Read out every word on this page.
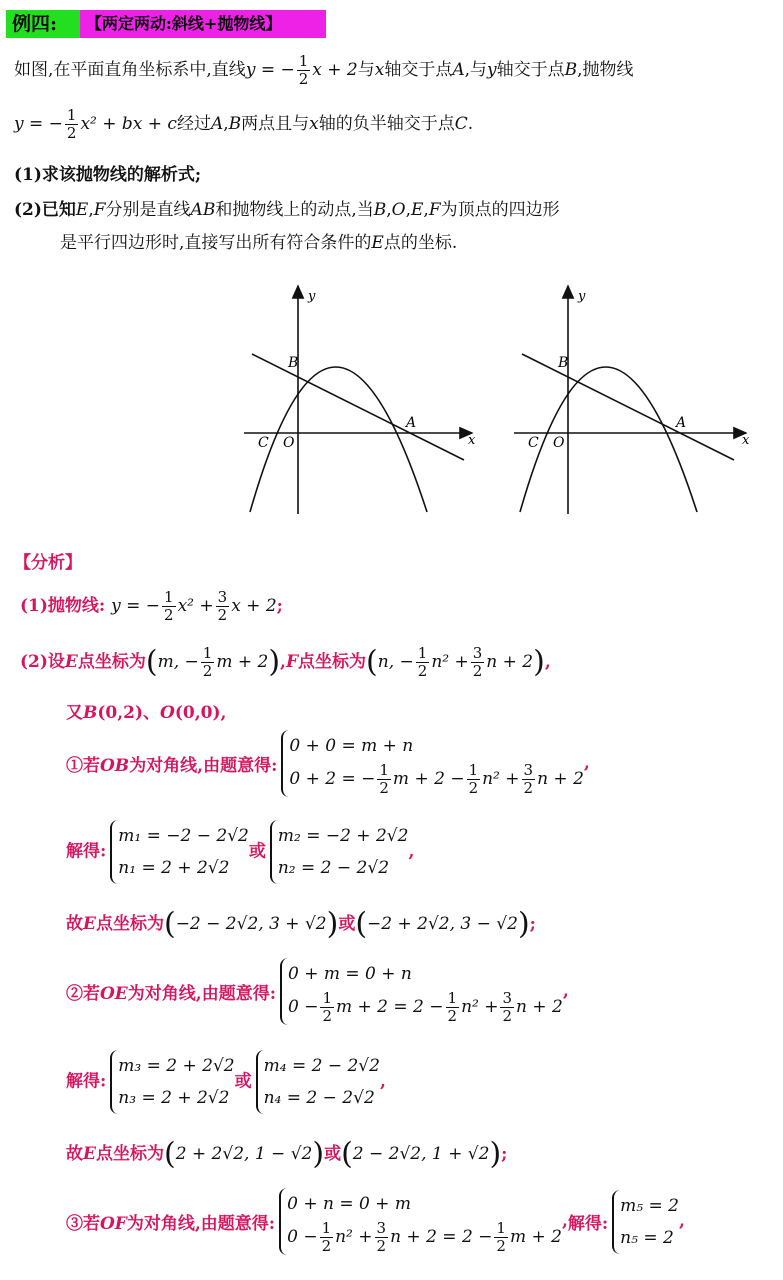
例四:	【两定两动:斜线+抛物线】
如图,在平面直角坐标系中,直线y = − $\frac{1}{2}$ x + 2与x轴交于点A,与y轴交于点B,抛物线
y = − $\frac{1}{2} x^2$ + bx + c经过A,B两点且与x轴的负半轴交于点C.
(1)求该抛物线的解析式;
(2)已知E,F分别是直线AB和抛物线上的动点,当B,O,E,F为顶点的四边形
是平行四边形时,直接写出所有符合条件的E点的坐标.
y
x
B
A
C O
y
x
B
A
C O
【分析】
(1)抛物线: y = − $\frac{1}{2} x^2 + \frac{3}{2}$ x + 2;
(2)设E点坐标为(m, − $\frac{1}{2}$ m + 2),F点坐标为(n, − $\frac{1}{2} n^2 + \frac{3}{2}$ n + 2),
又B(0,2)、O(0,0),
①若OB为对角线,由题意得:
0 + 0 = m + n
0 + 2 = − $\frac{1}{2}$ $m + 2 - \frac{1}{2} n^2 + \frac{3}{2}$ n + 2
,
解得:
m₁ = −2 − 2√2
n₁ = 2 + 2√2
或
m₂ = −2 + 2√2
n₂ = 2 − 2√2
,
故E点坐标为(−2 − 2√2, 3 + √2)或(−2 + 2√2, 3 − √2);
②若OE为对角线,由题意得:
0 + m = 0 + n
$0 - \frac{1}{2}$ $m + 2 = 2 - \frac{1}{2} n^2 + \frac{3}{2}$ n + 2
,
解得:
m₃ = 2 + 2√2
n₃ = 2 + 2√2
或
m₄ = 2 − 2√2
n₄ = 2 − 2√2
,
故E点坐标为(2 + 2√2, 1 − √2)或(2 − 2√2, 1 + √2);
③若OF为对角线,由题意得:
0 + n = 0 + m
$0 - \frac{1}{2} n^2 + \frac{3}{2}$ $n + 2 = 2 - \frac{1}{2}$ m + 2
,解得:
m₅ = 2
n₅ = 2
,
